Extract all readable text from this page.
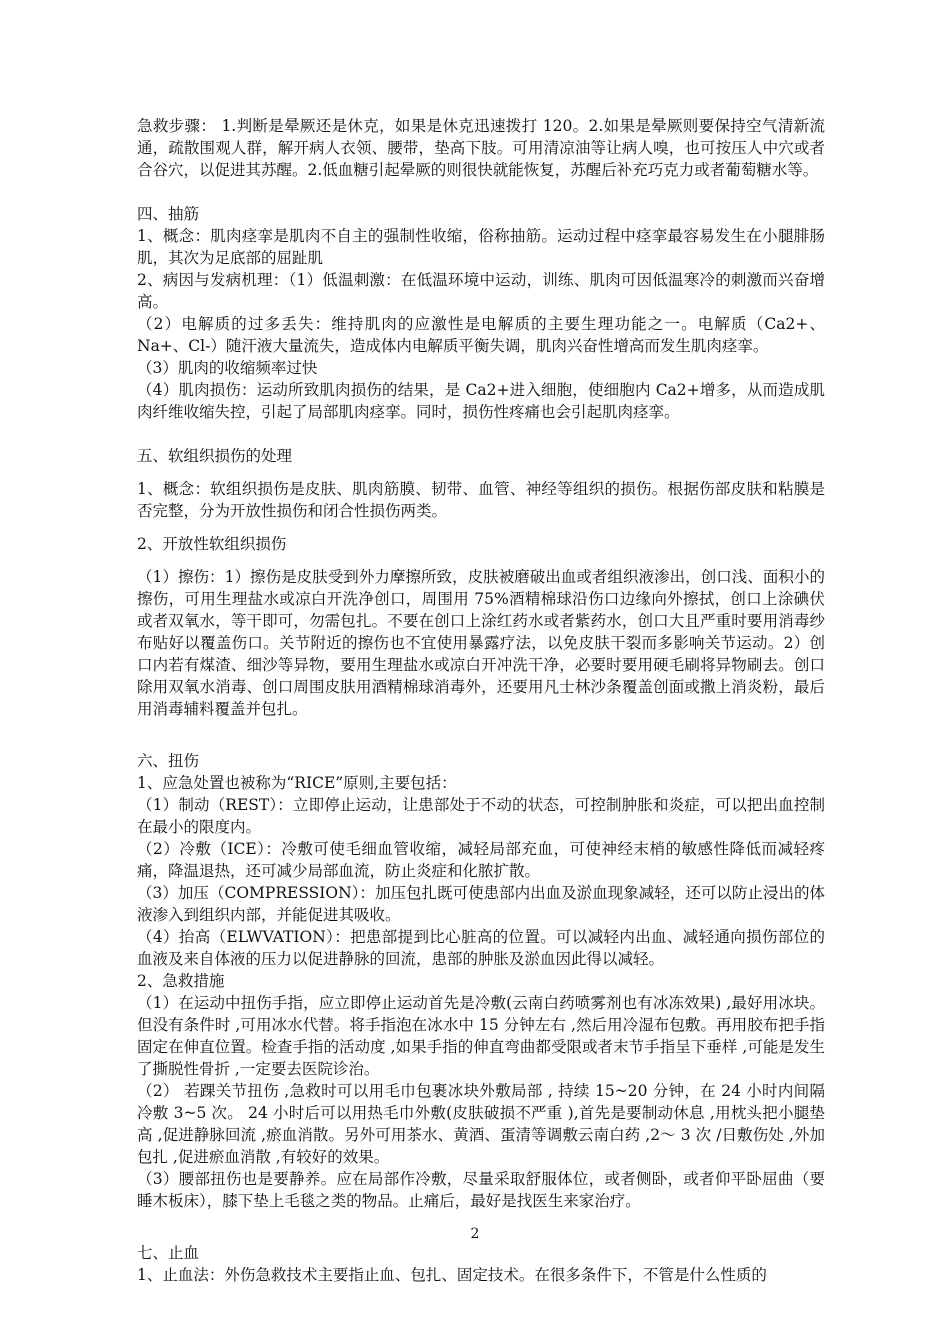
急救步骤： 1.判断是晕厥还是休克，如果是休克迅速拨打 120。2.如果是晕厥则要保持空气清新流通，疏散围观人群，解开病人衣领、腰带，垫高下肢。可用清凉油等让病人嗅，也可按压人中穴或者合谷穴，以促进其苏醒。2.低血糖引起晕厥的则很快就能恢复，苏醒后补充巧克力或者葡萄糖水等。

四、抽筋

1、概念：肌肉痉挛是肌肉不自主的强制性收缩，俗称抽筋。运动过程中痉挛最容易发生在小腿腓肠肌，其次为足底部的屈趾肌

2、病因与发病机理：（1）低温刺激：在低温环境中运动，训练、肌肉可因低温寒冷的刺激而兴奋增高。

（2）电解质的过多丢失：维持肌肉的应激性是电解质的主要生理功能之一。电解质（Ca2+、Na+、Cl-）随汗液大量流失，造成体内电解质平衡失调，肌肉兴奋性增高而发生肌肉痉挛。

（3）肌肉的收缩频率过快

（4）肌肉损伤：运动所致肌肉损伤的结果，是 Ca2+进入细胞，使细胞内 Ca2+增多，从而造成肌肉纤维收缩失控，引起了局部肌肉痉挛。同时，损伤性疼痛也会引起肌肉痉挛。

五、软组织损伤的处理

1、概念：软组织损伤是皮肤、肌肉筋膜、韧带、血管、神经等组织的损伤。根据伤部皮肤和粘膜是否完整，分为开放性损伤和闭合性损伤两类。

2、开放性软组织损伤

（1）擦伤：1）擦伤是皮肤受到外力摩擦所致，皮肤被磨破出血或者组织液渗出，创口浅、面积小的擦伤，可用生理盐水或凉白开洗净创口，周围用 75%酒精棉球沿伤口边缘向外擦拭，创口上涂碘伏或者双氧水，等干即可，勿需包扎。不要在创口上涂红药水或者紫药水，创口大且严重时要用消毒纱布贴好以覆盖伤口。关节附近的擦伤也不宜使用暴露疗法，以免皮肤干裂而多影响关节运动。2）创口内若有煤渣、细沙等异物，要用生理盐水或凉白开冲洗干净，必要时要用硬毛刷将异物刷去。创口除用双氧水消毒、创口周围皮肤用酒精棉球消毒外，还要用凡士林沙条覆盖创面或撒上消炎粉，最后用消毒辅料覆盖并包扎。

六、扭伤

1、应急处置也被称为“RICE”原则,主要包括：

（1）制动（REST）：立即停止运动，让患部处于不动的状态，可控制肿胀和炎症，可以把出血控制在最小的限度内。

（2）冷敷（ICE）：冷敷可使毛细血管收缩，减轻局部充血，可使神经末梢的敏感性降低而减轻疼痛，降温退热，还可减少局部血流，防止炎症和化脓扩散。

（3）加压（COMPRESSION）：加压包扎既可使患部内出血及淤血现象减轻，还可以防止浸出的体液渗入到组织内部，并能促进其吸收。

（4）抬高（ELWVATION）：把患部提到比心脏高的位置。可以减轻内出血、减轻通向损伤部位的血液及来自体液的压力以促进静脉的回流，患部的肿胀及淤血因此得以减轻。

2、急救措施

（1）在运动中扭伤手指，应立即停止运动首先是冷敷(云南白药喷雾剂也有冰冻效果) ,最好用冰块。但没有条件时 ,可用冰水代替。将手指泡在冰水中 15 分钟左右 ,然后用冷湿布包敷。再用胶布把手指固定在伸直位置。检查手指的活动度 ,如果手指的伸直弯曲都受限或者末节手指呈下垂样 ,可能是发生了撕脱性骨折 ,一定要去医院诊治。

（2） 若踝关节扭伤 ,急救时可以用毛巾包裹冰块外敷局部 , 持续 15~20 分钟，在 24 小时内间隔冷敷 3~5 次。 24 小时后可以用热毛巾外敷(皮肤破损不严重 ),首先是要制动休息 ,用枕头把小腿垫高 ,促进静脉回流 ,瘀血消散。另外可用茶水、黄酒、蛋清等调敷云南白药 ,2～ 3 次 /日敷伤处 ,外加包扎 ,促进瘀血消散 ,有较好的效果。

（3）腰部扭伤也是要静养。应在局部作冷敷，尽量采取舒服体位，或者侧卧，或者仰平卧屈曲（要睡木板床），膝下垫上毛毯之类的物品。止痛后，最好是找医生来家治疗。

七、止血

1、止血法：外伤急救技术主要指止血、包扎、固定技术。在很多条件下，不管是什么性质的

2
